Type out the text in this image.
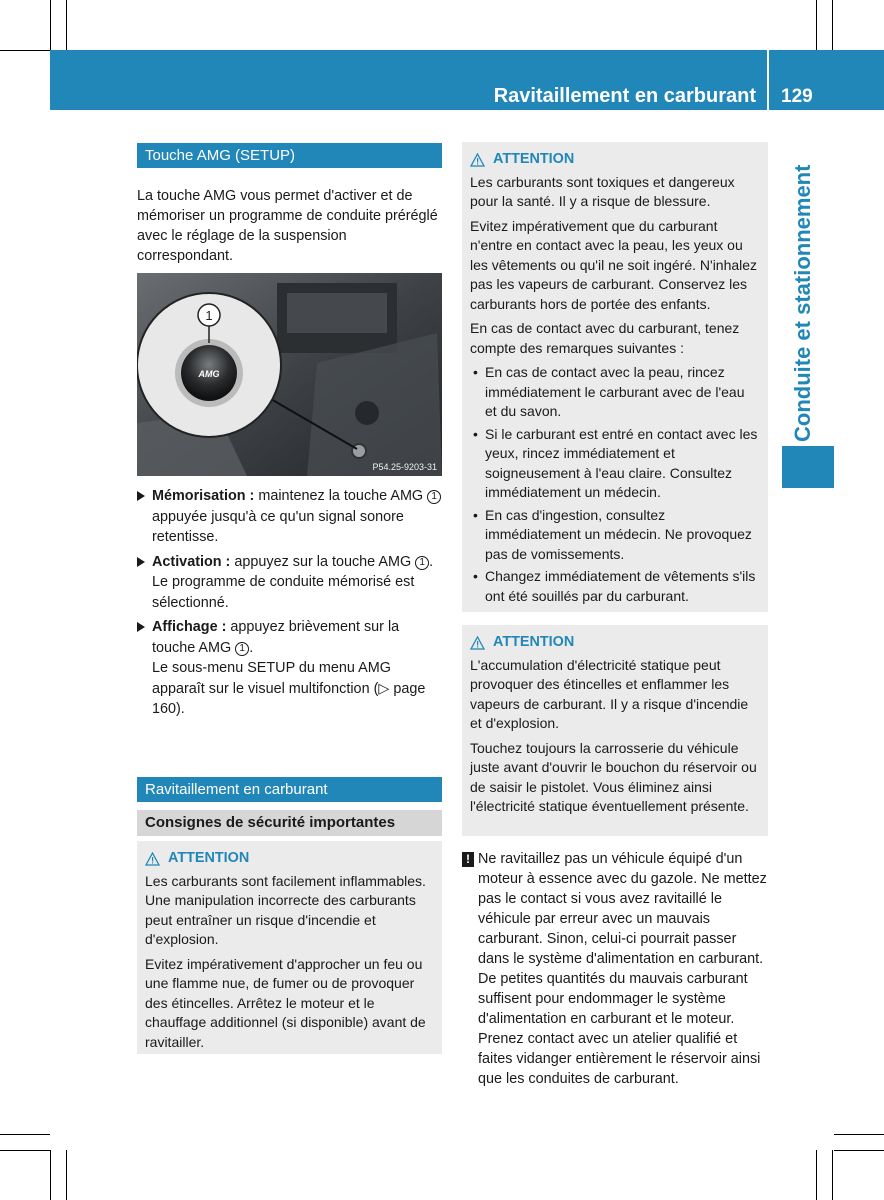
Ravitaillement en carburant 129
Conduite et stationnement
Touche AMG (SETUP)
La touche AMG vous permet d'activer et de mémoriser un programme de conduite préréglé avec le réglage de la suspension correspondant.
AMG
1
P54.25-9203-31
Mémorisation : maintenez la touche AMG 1 appuyée jusqu'à ce qu'un signal sonore retentisse.
Activation : appuyez sur la touche AMG 1 .
Le programme de conduite mémorisé est sélectionné.
Affichage : appuyez brièvement sur la touche AMG 1 .
Le sous-menu SETUP du menu AMG apparaît sur le visuel multifonction (▷ page 160).
Ravitaillement en carburant
Consignes de sécurité importantes
ATTENTION

Les carburants sont facilement inflammables. Une manipulation incorrecte des carburants peut entraîner un risque d'incendie et d'explosion.

Evitez impérativement d'approcher un feu ou une flamme nue, de fumer ou de provoquer des étincelles. Arrêtez le moteur et le chauffage additionnel (si disponible) avant de ravitailler.

ATTENTION

Les carburants sont toxiques et dangereux pour la santé. Il y a risque de blessure.

Evitez impérativement que du carburant n'entre en contact avec la peau, les yeux ou les vêtements ou qu'il ne soit ingéré. N'inhalez pas les vapeurs de carburant. Conservez les carburants hors de portée des enfants.

En cas de contact avec du carburant, tenez compte des remarques suivantes :

• En cas de contact avec la peau, rincez immédiatement le carburant avec de l'eau et du savon.
• Si le carburant est entré en contact avec les yeux, rincez immédiatement et soigneusement à l'eau claire. Consultez immédiatement un médecin.
• En cas d'ingestion, consultez immédiatement un médecin. Ne provoquez pas de vomissements.
• Changez immédiatement de vêtements s'ils ont été souillés par du carburant.
ATTENTION

L'accumulation d'électricité statique peut provoquer des étincelles et enflammer les vapeurs de carburant. Il y a risque d'incendie et d'explosion.

Touchez toujours la carrosserie du véhicule juste avant d'ouvrir le bouchon du réservoir ou de saisir le pistolet. Vous éliminez ainsi l'électricité statique éventuellement présente.

! Ne ravitaillez pas un véhicule équipé d'un moteur à essence avec du gazole. Ne mettez pas le contact si vous avez ravitaillé le véhicule par erreur avec un mauvais carburant. Sinon, celui-ci pourrait passer dans le système d'alimentation en carburant. De petites quantités du mauvais carburant suffisent pour endommager le système d'alimentation en carburant et le moteur. Prenez contact avec un atelier qualifié et faites vidanger entièrement le réservoir ainsi que les conduites de carburant.
